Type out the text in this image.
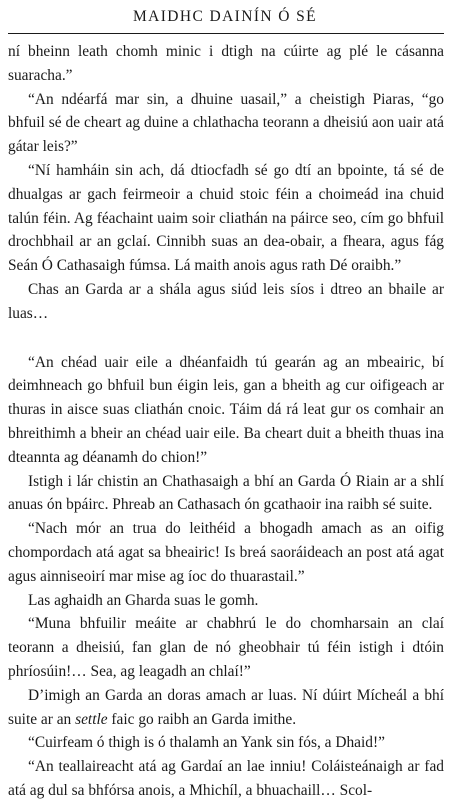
MAIDHC DAINÍN Ó SÉ

ní bheinn leath chomh minic i dtigh na cúirte ag plé le cásanna suaracha.”

“An ndéarfá mar sin, a dhuine uasail,” a cheistigh Piaras, “go bhfuil sé de cheart ag duine a chlathacha teorann a dheisiú aon uair atá gátar leis?”

“Ní hamháin sin ach, dá dtiocfadh sé go dtí an bpointe, tá sé de dhualgas ar gach feirmeoir a chuid stoic féin a choimeád ina chuid talún féin. Ag féachaint uaim soir cliathán na páirce seo, cím go bhfuil drochbhail ar an gclaí. Cinnibh suas an dea-obair, a fheara, agus fág Seán Ó Cathasaigh fúmsa. Lá maith anois agus rath Dé oraibh.”

Chas an Garda ar a shála agus siúd leis síos i dtreo an bhaile ar luas…

“An chéad uair eile a dhéanfaidh tú gearán ag an mbeairic, bí deimhneach go bhfuil bun éigin leis, gan a bheith ag cur oifigeach ar thuras in aisce suas cliathán cnoic. Táim dá rá leat gur os comhair an bhreithimh a bheir an chéad uair eile. Ba cheart duit a bheith thuas ina dteannta ag déanamh do chion!”

Istigh i lár chistin an Chathasaigh a bhí an Garda Ó Riain ar a shlí anuas ón bpáirc. Phreab an Cathasach ón gcathaoir ina raibh sé suite.

“Nach mór an trua do leithéid a bhogadh amach as an oifig chompordach atá agat sa bheairic! Is breá saoráideach an post atá agat agus ainniseoirí mar mise ag íoc do thuarastail.”

Las aghaidh an Gharda suas le gomh.

“Muna bhfuilir meáite ar chabhrú le do chomharsain an claí teorann a dheisiú, fan glan de nó gheobhair tú féin istigh i dtóin phríosúin!… Sea, ag leagadh an chlaí!”

D’imigh an Garda an doras amach ar luas. Ní dúirt Mícheál a bhí suite ar an settle faic go raibh an Garda imithe.

“Cuirfeam ó thigh is ó thalamh an Yank sin fós, a Dhaid!”

“An teallaireacht atá ag Gardaí an lae inniu! Coláisteánaigh ar fad atá ag dul sa bhfórsa anois, a Mhichíl, a bhuachaill… Scol-
